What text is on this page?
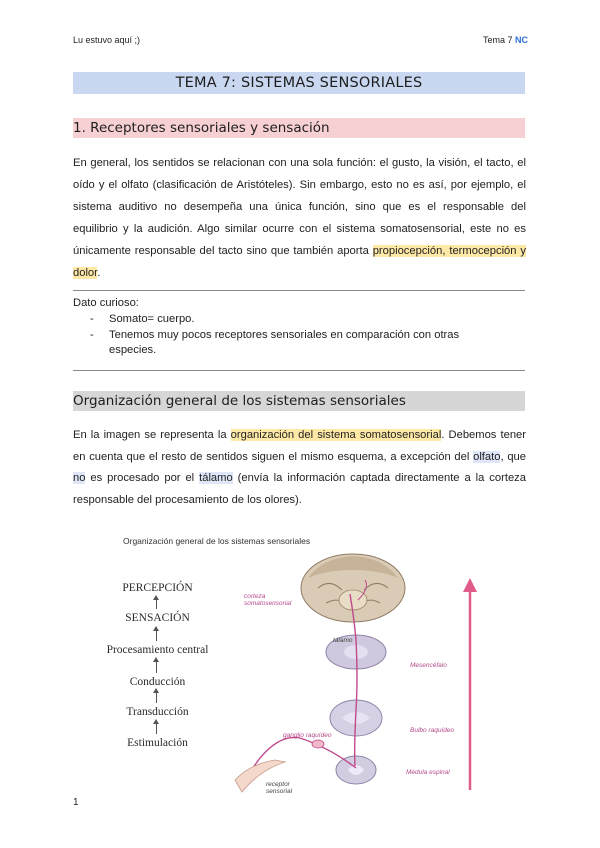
Lu estuvo aquí ;)	Tema 7 NC
TEMA 7: SISTEMAS SENSORIALES
1. Receptores sensoriales y sensación

En general, los sentidos se relacionan con una sola función: el gusto, la visión, el tacto, el oído y el olfato (clasificación de Aristóteles). Sin embargo, esto no es así, por ejemplo, el sistema auditivo no desempeña una única función, sino que es el responsable del equilibrio y la audición. Algo similar ocurre con el sistema somatosensorial, este no es únicamente responsable del tacto sino que también aporta propiocepción, termocepción y dolor.

Dato curioso:
- Somato= cuerpo.
- Tenemos muy pocos receptores sensoriales en comparación con otras especies.
Organización general de los sistemas sensoriales

En la imagen se representa la organización del sistema somatosensorial. Debemos tener en cuenta que el resto de sentidos siguen el mismo esquema, a excepción del olfato, que no es procesado por el tálamo (envía la información captada directamente a la corteza responsable del procesamiento de los olores).

Organización general de los sistemas sensoriales
PERCEPCIÓN
SENSACIÓN
Procesamiento central
Conducción
Transducción
Estimulación
corteza somatosensorial
tálamo
Mesencéfalo
Bulbo raquídeo
ganglio raquídeo
Médula espinal
receptor sensorial
1
